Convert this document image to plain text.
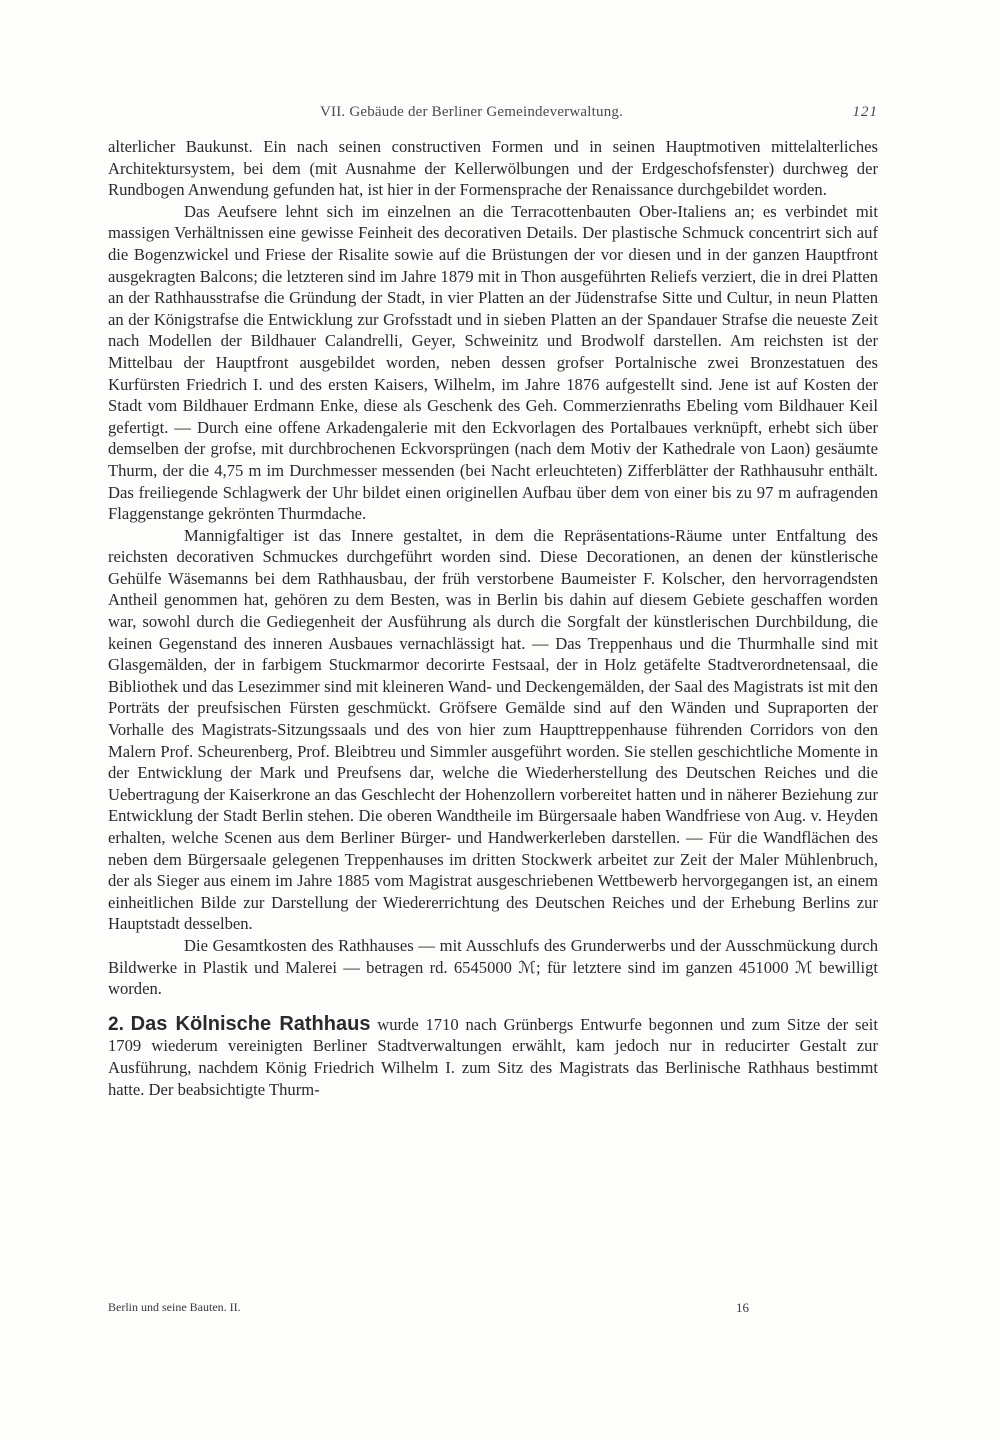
VII. Gebäude der Berliner Gemeindeverwaltung.	121

alterlicher Baukunst. Ein nach seinen constructiven Formen und in seinen Hauptmotiven mittelalterliches Architektursystem, bei dem (mit Ausnahme der Kellerwölbungen und der Erdgeschofsfenster) durchweg der Rundbogen Anwendung gefunden hat, ist hier in der Formensprache der Renaissance durchgebildet worden.

Das Aeufsere lehnt sich im einzelnen an die Terracottenbauten Ober-Italiens an; es verbindet mit massigen Verhältnissen eine gewisse Feinheit des decorativen Details. Der plastische Schmuck concentrirt sich auf die Bogenzwickel und Friese der Risalite sowie auf die Brüstungen der vor diesen und in der ganzen Hauptfront ausgekragten Balcons; die letzteren sind im Jahre 1879 mit in Thon ausgeführten Reliefs verziert, die in drei Platten an der Rathhausstrafse die Gründung der Stadt, in vier Platten an der Jüdenstrafse Sitte und Cultur, in neun Platten an der Königstrafse die Entwicklung zur Grofsstadt und in sieben Platten an der Spandauer Strafse die neueste Zeit nach Modellen der Bildhauer Calandrelli, Geyer, Schweinitz und Brodwolf darstellen. Am reichsten ist der Mittelbau der Hauptfront ausgebildet worden, neben dessen grofser Portalnische zwei Bronzestatuen des Kurfürsten Friedrich I. und des ersten Kaisers, Wilhelm, im Jahre 1876 aufgestellt sind. Jene ist auf Kosten der Stadt vom Bildhauer Erdmann Enke, diese als Geschenk des Geh. Commerzienraths Ebeling vom Bildhauer Keil gefertigt. — Durch eine offene Arkadengalerie mit den Eckvorlagen des Portalbaues verknüpft, erhebt sich über demselben der grofse, mit durchbrochenen Eckvorsprüngen (nach dem Motiv der Kathedrale von Laon) gesäumte Thurm, der die 4,75 m im Durchmesser messenden (bei Nacht erleuchteten) Zifferblätter der Rathhausuhr enthält. Das freiliegende Schlagwerk der Uhr bildet einen originellen Aufbau über dem von einer bis zu 97 m aufragenden Flaggenstange gekrönten Thurmdache.

Mannigfaltiger ist das Innere gestaltet, in dem die Repräsentations-Räume unter Entfaltung des reichsten decorativen Schmuckes durchgeführt worden sind. Diese Decorationen, an denen der künstlerische Gehülfe Wäsemanns bei dem Rathhausbau, der früh verstorbene Baumeister F. Kolscher, den hervorragendsten Antheil genommen hat, gehören zu dem Besten, was in Berlin bis dahin auf diesem Gebiete geschaffen worden war, sowohl durch die Gediegenheit der Ausführung als durch die Sorgfalt der künstlerischen Durchbildung, die keinen Gegenstand des inneren Ausbaues vernachlässigt hat. — Das Treppenhaus und die Thurmhalle sind mit Glasgemälden, der in farbigem Stuckmarmor decorirte Festsaal, der in Holz getäfelte Stadtverordnetensaal, die Bibliothek und das Lesezimmer sind mit kleineren Wand- und Deckengemälden, der Saal des Magistrats ist mit den Porträts der preufsischen Fürsten geschmückt. Gröfsere Gemälde sind auf den Wänden und Supraporten der Vorhalle des Magistrats-Sitzungssaals und des von hier zum Haupttreppenhause führenden Corridors von den Malern Prof. Scheurenberg, Prof. Bleibtreu und Simmler ausgeführt worden. Sie stellen geschichtliche Momente in der Entwicklung der Mark und Preufsens dar, welche die Wiederherstellung des Deutschen Reiches und die Uebertragung der Kaiserkrone an das Geschlecht der Hohenzollern vorbereitet hatten und in näherer Beziehung zur Entwicklung der Stadt Berlin stehen. Die oberen Wandtheile im Bürgersaale haben Wandfriese von Aug. v. Heyden erhalten, welche Scenen aus dem Berliner Bürger- und Handwerkerleben darstellen. — Für die Wandflächen des neben dem Bürgersaale gelegenen Treppenhauses im dritten Stockwerk arbeitet zur Zeit der Maler Mühlenbruch, der als Sieger aus einem im Jahre 1885 vom Magistrat ausgeschriebenen Wettbewerb hervorgegangen ist, an einem einheitlichen Bilde zur Darstellung der Wiedererrichtung des Deutschen Reiches und der Erhebung Berlins zur Hauptstadt desselben.

Die Gesamtkosten des Rathhauses — mit Ausschlufs des Grunderwerbs und der Ausschmückung durch Bildwerke in Plastik und Malerei — betragen rd. 6545000 ℳ; für letztere sind im ganzen 451000 ℳ bewilligt worden.

2. Das Kölnische Rathhaus wurde 1710 nach Grünbergs Entwurfe begonnen und zum Sitze der seit 1709 wiederum vereinigten Berliner Stadtverwaltungen erwählt, kam jedoch nur in reducirter Gestalt zur Ausführung, nachdem König Friedrich Wilhelm I. zum Sitz des Magistrats das Berlinische Rathhaus bestimmt hatte. Der beabsichtigte Thurm-

Berlin und seine Bauten. II.	16
